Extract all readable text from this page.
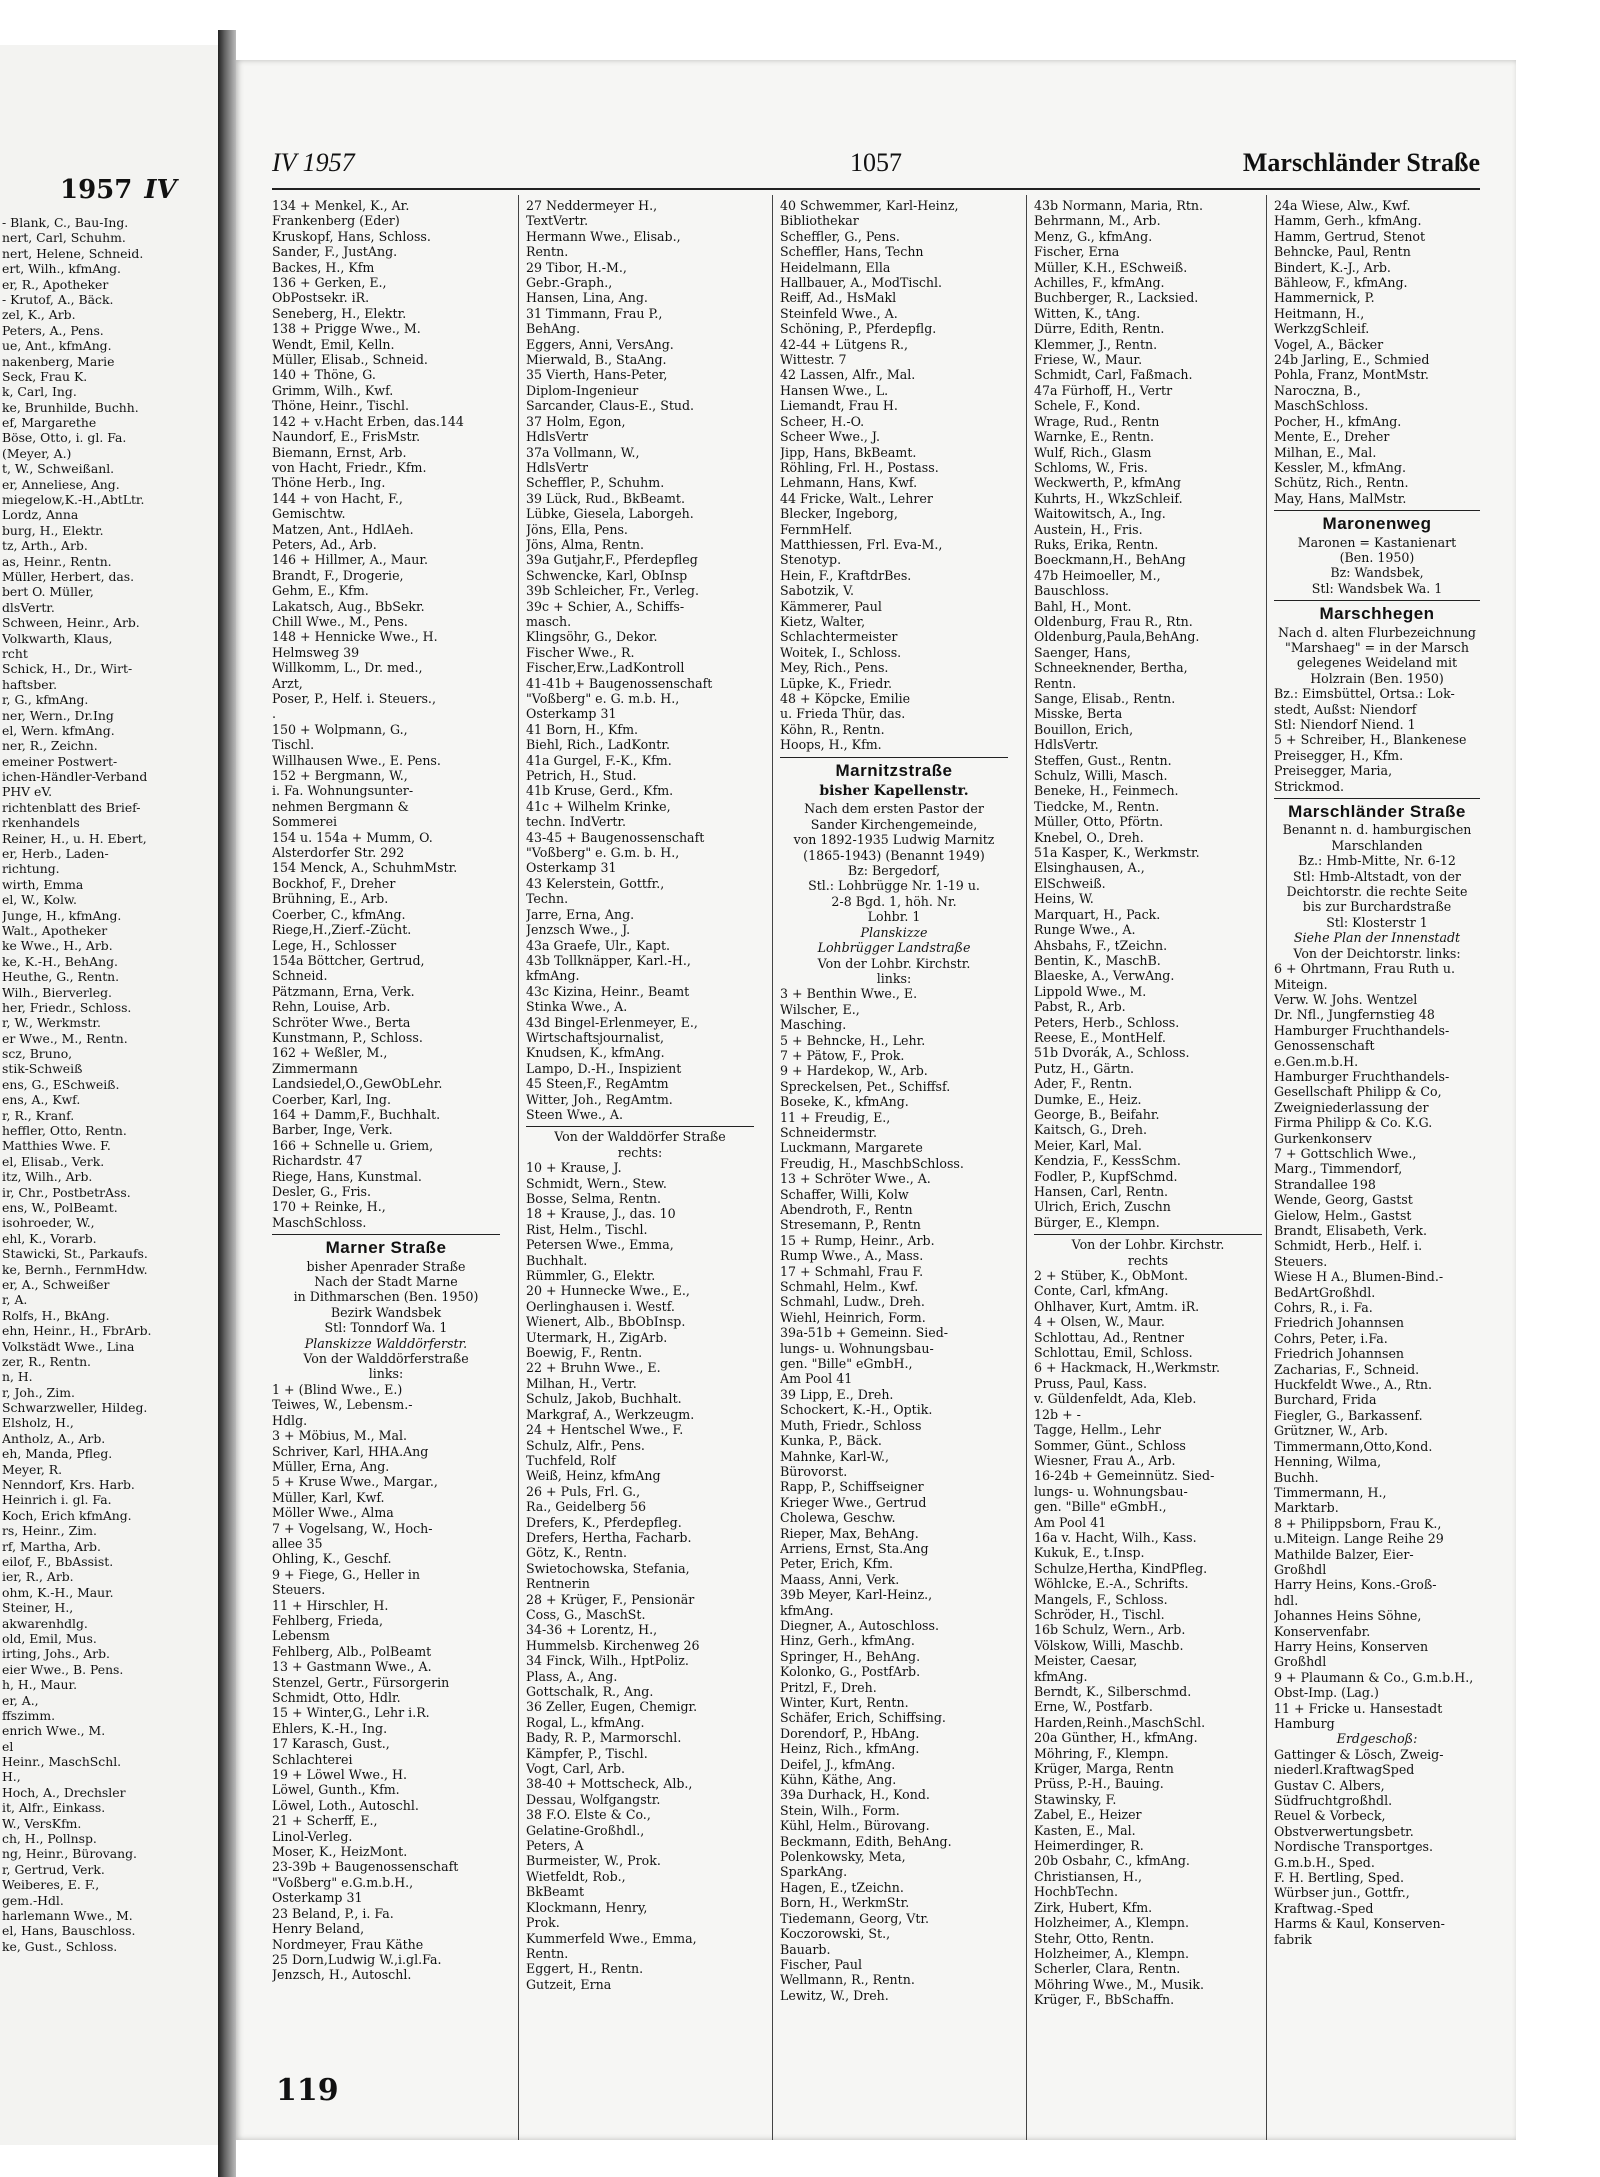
1957 IV
- Blank, C., Bau-Ing.
nert, Carl, Schuhm.
nert, Helene, Schneid.
ert, Wilh., kfmAng.
er, R., Apotheker
- Krutof, A., Bäck.
zel, K., Arb.
Peters, A., Pens.
ue, Ant., kfmAng.
nakenberg, Marie
Seck, Frau K.
k, Carl, Ing.
ke, Brunhilde, Buchh.
ef, Margarethe
Böse, Otto, i. gl. Fa.
(Meyer, A.)
t, W., Schweißanl.
er, Anneliese, Ang.
miegelow,K.-H.,AbtLtr.
Lordz, Anna
burg, H., Elektr.
tz, Arth., Arb.
as, Heinr., Rentn.
Müller, Herbert, das.
bert O. Müller,
dlsVertr.
Schween, Heinr., Arb.
Volkwarth, Klaus,
rcht
Schick, H., Dr., Wirt-
haftsber.
r, G., kfmAng.
ner, Wern., Dr.Ing
el, Wern. kfmAng.
ner, R., Zeichn.
emeiner Postwert-
ichen-Händler-Verband
PHV eV.
richtenblatt des Brief-
rkenhandels
Reiner, H., u. H. Ebert,
er, Herb., Laden-
richtung.
wirth, Emma
el, W., Kolw.
Junge, H., kfmAng.
Walt., Apotheker
ke Wwe., H., Arb.
ke, K.-H., BehAng.
Heuthe, G., Rentn.
Wilh., Bierverleg.
her, Friedr., Schloss.
r, W., Werkmstr.
er Wwe., M., Rentn.
scz, Bruno,
stik-Schweiß
ens, G., ESchweiß.
ens, A., Kwf.
r, R., Kranf.
heffler, Otto, Rentn.
Matthies Wwe. F.
el, Elisab., Verk.
itz, Wilh., Arb.
ir, Chr., PostbetrAss.
ens, W., PolBeamt.
isohroeder, W.,
ehl, K., Vorarb.
Stawicki, St., Parkaufs.
ke, Bernh., FernmHdw.
er, A., Schweißer
r, A.
Rolfs, H., BkAng.
ehn, Heinr., H., FbrArb.
Volkstädt Wwe., Lina
zer, R., Rentn.
n, H.
r, Joh., Zim.
Schwarzweller, Hildeg.
Elsholz, H.,
Antholz, A., Arb.
eh, Manda, Pfleg.
Meyer, R.
Nenndorf, Krs. Harb.
Heinrich i. gl. Fa.
Koch, Erich kfmAng.
rs, Heinr., Zim.
rf, Martha, Arb.
eilof, F., BbAssist.
ier, R., Arb.
ohm, K.-H., Maur.
Steiner, H.,
akwarenhdlg.
old, Emil, Mus.
irting, Johs., Arb.
eier Wwe., B. Pens.
h, H., Maur.
er, A.,
ffszimm.
enrich Wwe., M.
el
Heinr., MaschSchl.
H.,
Hoch, A., Drechsler
it, Alfr., Einkass.
W., VersKfm.
ch, H., Pollnsp.
ng, Heinr., Bürovang.
r, Gertrud, Verk.
Weiberes, E. F.,
gem.-Hdl.
harlemann Wwe., M.
el, Hans, Bauschloss.
ke, Gust., Schloss.
IV 1957	1057	Marschländer Straße
134 + Menkel, K., Ar.
Frankenberg (Eder)
Kruskopf, Hans, Schloss.
Sander, F., JustAng.
Backes, H., Kfm
136 + Gerken, E.,
ObPostsekr. iR.
Seneberg, H., Elektr.
138 + Prigge Wwe., M.
Wendt, Emil, Kelln.
Müller, Elisab., Schneid.
140 + Thöne, G.
Grimm, Wilh., Kwf.
Thöne, Heinr., Tischl.
142 + v.Hacht Erben, das.144
Naundorf, E., FrisMstr.
Biemann, Ernst, Arb.
von Hacht, Friedr., Kfm.
Thöne Herb., Ing.
144 + von Hacht, F.,
Gemischtw.
Matzen, Ant., HdlAeh.
Peters, Ad., Arb.
146 + Hillmer, A., Maur.
Brandt, F., Drogerie,
Gehm, E., Kfm.
Lakatsch, Aug., BbSekr.
Chill Wwe., M., Pens.
148 + Hennicke Wwe., H.
Helmsweg 39
Willkomm, L., Dr. med.,
Arzt,
Poser, P., Helf. i. Steuers.,
.
150 + Wolpmann, G.,
Tischl.
Willhausen Wwe., E. Pens.
152 + Bergmann, W.,
i. Fa. Wohnungsunter-
nehmen Bergmann &
Sommerei
154 u. 154a + Mumm, O.
Alsterdorfer Str. 292
154 Menck, A., SchuhmMstr.
Bockhof, F., Dreher
Brühning, E., Arb.
Coerber, C., kfmAng.
Riege,H.,Zierf.-Zücht.
Lege, H., Schlosser
154a Böttcher, Gertrud,
Schneid.
Pätzmann, Erna, Verk.
Rehn, Louise, Arb.
Schröter Wwe., Berta
Kunstmann, P., Schloss.
162 + Weßler, M.,
Zimmermann
Landsiedel,O.,GewObLehr.
Coerber, Karl, Ing.
164 + Damm,F., Buchhalt.
Barber, Inge, Verk.
166 + Schnelle u. Griem,
Richardstr. 47
Riege, Hans, Kunstmal.
Desler, G., Fris.
170 + Reinke, H.,
MaschSchloss.
Marner Straße
bisher Apenrader Straße
Nach der Stadt Marne
in Dithmarschen (Ben. 1950)
Bezirk Wandsbek
Stl: Tonndorf Wa. 1
Planskizze Walddörferstr.
Von der Walddörferstraße
links:
1 + (Blind Wwe., E.)
Teiwes, W., Lebensm.-
Hdlg.
3 + Möbius, M., Mal.
Schriver, Karl, HHA.Ang
Müller, Erna, Ang.
5 + Kruse Wwe., Margar.,
Müller, Karl, Kwf.
Möller Wwe., Alma
7 + Vogelsang, W., Hoch-
allee 35
Ohling, K., Geschf.
9 + Fiege, G., Heller in
Steuers.
11 + Hirschler, H.
Fehlberg, Frieda,
Lebensm
Fehlberg, Alb., PolBeamt
13 + Gastmann Wwe., A.
Stenzel, Gertr., Fürsorgerin
Schmidt, Otto, Hdlr.
15 + Winter,G., Lehr i.R.
Ehlers, K.-H., Ing.
17 Karasch, Gust.,
Schlachterei
19 + Löwel Wwe., H.
Löwel, Gunth., Kfm.
Löwel, Loth., Autoschl.
21 + Scherff, E.,
Linol-Verleg.
Moser, K., HeizMont.
23-39b + Baugenossenschaft
"Voßberg" e.G.m.b.H.,
Osterkamp 31
23 Beland, P., i. Fa.
Henry Beland,
Nordmeyer, Frau Käthe
25 Dorn,Ludwig W.,i.gl.Fa.
Jenzsch, H., Autoschl.
27 Neddermeyer H.,
TextVertr.
Hermann Wwe., Elisab.,
Rentn.
29 Tibor, H.-M.,
Gebr.-Graph.,
Hansen, Lina, Ang.
31 Timmann, Frau P.,
BehAng.
Eggers, Anni, VersAng.
Mierwald, B., StaAng.
35 Vierth, Hans-Peter,
Diplom-Ingenieur
Sarcander, Claus-E., Stud.
37 Holm, Egon,
HdlsVertr
37a Vollmann, W.,
HdlsVertr
Scheffler, P., Schuhm.
39 Lück, Rud., BkBeamt.
Lübke, Giesela, Laborgeh.
Jöns, Ella, Pens.
Jöns, Alma, Rentn.
39a Gutjahr,F., Pferdepfleg
Schwencke, Karl, ObInsp
39b Schleicher, Fr., Verleg.
39c + Schier, A., Schiffs-
masch.
Klingsöhr, G., Dekor.
Fischer Wwe., R.
Fischer,Erw.,LadKontroll
41-41b + Baugenossenschaft
"Voßberg" e. G. m.b. H.,
Osterkamp 31
41 Born, H., Kfm.
Biehl, Rich., LadKontr.
41a Gurgel, F.-K., Kfm.
Petrich, H., Stud.
41b Kruse, Gerd., Kfm.
41c + Wilhelm Krinke,
techn. IndVertr.
43-45 + Baugenossenschaft
"Voßberg" e. G.m. b. H.,
Osterkamp 31
43 Kelerstein, Gottfr.,
Techn.
Jarre, Erna, Ang.
Jenzsch Wwe., J.
43a Graefe, Ulr., Kapt.
43b Tollknäpper, Karl.-H.,
kfmAng.
43c Kizina, Heinr., Beamt
Stinka Wwe., A.
43d Bingel-Erlenmeyer, E.,
Wirtschaftsjournalist,
Knudsen, K., kfmAng.
Lampo, D.-H., Inspizient
45 Steen,F., RegAmtm
Witter, Joh., RegAmtm.
Steen Wwe., A.
Von der Walddörfer Straße
rechts:
10 + Krause, J.
Schmidt, Wern., Stew.
Bosse, Selma, Rentn.
18 + Krause, J., das. 10
Rist, Helm., Tischl.
Petersen Wwe., Emma,
Buchhalt.
Rümmler, G., Elektr.
20 + Hunnecke Wwe., E.,
Oerlinghausen i. Westf.
Wienert, Alb., BbObInsp.
Utermark, H., ZigArb.
Boewig, F., Rentn.
22 + Bruhn Wwe., E.
Milhan, H., Vertr.
Schulz, Jakob, Buchhalt.
Markgraf, A., Werkzeugm.
24 + Hentschel Wwe., F.
Schulz, Alfr., Pens.
Tuchfeld, Rolf
Weiß, Heinz, kfmAng
26 + Puls, Frl. G.,
Ra., Geidelberg 56
Drefers, K., Pferdepfleg.
Drefers, Hertha, Facharb.
Götz, K., Rentn.
Swietochowska, Stefania,
Rentnerin
28 + Krüger, F., Pensionär
Coss, G., MaschSt.
34-36 + Lorentz, H.,
Hummelsb. Kirchenweg 26
34 Finck, Wilh., HptPoliz.
Plass, A., Ang.
Gottschalk, R., Ang.
36 Zeller, Eugen, Chemigr.
Rogal, L., kfmAng.
Bady, R. P., Marmorschl.
Kämpfer, P., Tischl.
Vogt, Carl, Arb.
38-40 + Mottscheck, Alb.,
Dessau, Wolfgangstr.
38 F.O. Elste & Co.,
Gelatine-Großhdl.,
Peters, A
Burmeister, W., Prok.
Wietfeldt, Rob.,
BkBeamt
Klockmann, Henry,
Prok.
Kummerfeld Wwe., Emma,
Rentn.
Eggert, H., Rentn.
Gutzeit, Erna
40 Schwemmer, Karl-Heinz,
Bibliothekar
Scheffler, G., Pens.
Scheffler, Hans, Techn
Heidelmann, Ella
Hallbauer, A., ModTischl.
Reiff, Ad., HsMakl
Steinfeld Wwe., A.
Schöning, P., Pferdepflg.
42-44 + Lütgens R.,
Wittestr. 7
42 Lassen, Alfr., Mal.
Hansen Wwe., L.
Liemandt, Frau H.
Scheer, H.-O.
Scheer Wwe., J.
Jipp, Hans, BkBeamt.
Röhling, Frl. H., Postass.
Lehmann, Hans, Kwf.
44 Fricke, Walt., Lehrer
Blecker, Ingeborg,
FernmHelf.
Matthiessen, Frl. Eva-M.,
Stenotyp.
Hein, F., KraftdrBes.
Sabotzik, V.
Kämmerer, Paul
Kietz, Walter,
Schlachtermeister
Woitek, I., Schloss.
Mey, Rich., Pens.
Lüpke, K., Friedr.
48 + Köpcke, Emilie
u. Frieda Thür, das.
Köhn, R., Rentn.
Hoops, H., Kfm.
Marnitzstraße
bisher Kapellenstr.
Nach dem ersten Pastor der
Sander Kirchengemeinde,
von 1892-1935 Ludwig Marnitz
(1865-1943) (Benannt 1949)
Bz: Bergedorf,
Stl.: Lohbrügge Nr. 1-19 u.
2-8 Bgd. 1, höh. Nr.
Lohbr. 1
Planskizze
Lohbrügger Landstraße
Von der Lohbr. Kirchstr.
links:
3 + Benthin Wwe., E.
Wilscher, E.,
Masching.
5 + Behncke, H., Lehr.
7 + Pätow, F., Prok.
9 + Hardekop, W., Arb.
Spreckelsen, Pet., Schiffsf.
Boseke, K., kfmAng.
11 + Freudig, E.,
Schneidermstr.
Luckmann, Margarete
Freudig, H., MaschbSchloss.
13 + Schröter Wwe., A.
Schaffer, Willi, Kolw
Abendroth, F., Rentn
Stresemann, P., Rentn
15 + Rump, Heinr., Arb.
Rump Wwe., A., Mass.
17 + Schmahl, Frau F.
Schmahl, Helm., Kwf.
Schmahl, Ludw., Dreh.
Wiehl, Heinrich, Form.
39a-51b + Gemeinn. Sied-
lungs- u. Wohnungsbau-
gen. "Bille" eGmbH.,
Am Pool 41
39 Lipp, E., Dreh.
Schockert, K.-H., Optik.
Muth, Friedr., Schloss
Kunka, P., Bäck.
Mahnke, Karl-W.,
Bürovorst.
Rapp, P., Schiffseigner
Krieger Wwe., Gertrud
Cholewa, Geschw.
Rieper, Max, BehAng.
Arriens, Ernst, Sta.Ang
Peter, Erich, Kfm.
Maass, Anni, Verk.
39b Meyer, Karl-Heinz.,
kfmAng.
Diegner, A., Autoschloss.
Hinz, Gerh., kfmAng.
Springer, H., BehAng.
Kolonko, G., PostfArb.
Pritzl, F., Dreh.
Winter, Kurt, Rentn.
Schäfer, Erich, Schiffsing.
Dorendorf, P., HbAng.
Heinz, Rich., kfmAng.
Deifel, J., kfmAng.
Kühn, Käthe, Ang.
39a Durhack, H., Kond.
Stein, Wilh., Form.
Kühl, Helm., Bürovang.
Beckmann, Edith, BehAng.
Polenkowsky, Meta,
SparkAng.
Hagen, E., tZeichn.
Born, H., WerkmStr.
Tiedemann, Georg, Vtr.
Koczorowski, St.,
Bauarb.
Fischer, Paul
Wellmann, R., Rentn.
Lewitz, W., Dreh.
43b Normann, Maria, Rtn.
Behrmann, M., Arb.
Menz, G., kfmAng.
Fischer, Erna
Müller, K.H., ESchweiß.
Achilles, F., kfmAng.
Buchberger, R., Lacksied.
Witten, K., tAng.
Dürre, Edith, Rentn.
Klemmer, J., Rentn.
Friese, W., Maur.
Schmidt, Carl, Faßmach.
47a Fürhoff, H., Vertr
Schele, F., Kond.
Wrage, Rud., Rentn
Warnke, E., Rentn.
Wulf, Rich., Glasm
Schloms, W., Fris.
Weckwerth, P., kfmAng
Kuhrts, H., WkzSchleif.
Waitowitsch, A., Ing.
Austein, H., Fris.
Ruks, Erika, Rentn.
Boeckmann,H., BehAng
47b Heimoeller, M.,
Bauschloss.
Bahl, H., Mont.
Oldenburg, Frau R., Rtn.
Oldenburg,Paula,BehAng.
Saenger, Hans,
Schneeknender, Bertha,
Rentn.
Sange, Elisab., Rentn.
Misske, Berta
Bouillon, Erich,
HdlsVertr.
Steffen, Gust., Rentn.
Schulz, Willi, Masch.
Beneke, H., Feinmech.
Tiedcke, M., Rentn.
Müller, Otto, Pförtn.
Knebel, O., Dreh.
51a Kasper, K., Werkmstr.
Elsinghausen, A.,
ElSchweiß.
Heins, W.
Marquart, H., Pack.
Runge Wwe., A.
Ahsbahs, F., tZeichn.
Bentin, K., MaschB.
Blaeske, A., VerwAng.
Lippold Wwe., M.
Pabst, R., Arb.
Peters, Herb., Schloss.
Reese, E., MontHelf.
51b Dvorák, A., Schloss.
Putz, H., Gärtn.
Ader, F., Rentn.
Dumke, E., Heiz.
George, B., Beifahr.
Kaitsch, G., Dreh.
Meier, Karl, Mal.
Kendzia, F., KessSchm.
Fodler, P., KupfSchmd.
Hansen, Carl, Rentn.
Ulrich, Erich, Zuschn
Bürger, E., Klempn.
Von der Lohbr. Kirchstr.
rechts
2 + Stüber, K., ObMont.
Conte, Carl, kfmAng.
Ohlhaver, Kurt, Amtm. iR.
4 + Olsen, W., Maur.
Schlottau, Ad., Rentner
Schlottau, Emil, Schloss.
6 + Hackmack, H.,Werkmstr.
Pruss, Paul, Kass.
v. Güldenfeldt, Ada, Kleb.
12b + -
Tagge, Hellm., Lehr
Sommer, Günt., Schloss
Wiesner, Frau A., Arb.
16-24b + Gemeinnütz. Sied-
lungs- u. Wohnungsbau-
gen. "Bille" eGmbH.,
Am Pool 41
16a v. Hacht, Wilh., Kass.
Kukuk, E., t.Insp.
Schulze,Hertha, KindPfleg.
Wöhlcke, E.-A., Schrifts.
Mangels, F., Schloss.
Schröder, H., Tischl.
16b Schulz, Wern., Arb.
Völskow, Willi, Maschb.
Meister, Caesar,
kfmAng.
Berndt, K., Silberschmd.
Erne, W., Postfarb.
Harden,Reinh.,MaschSchl.
20a Günther, H., kfmAng.
Möhring, F., Klempn.
Krüger, Marga, Rentn
Prüss, P.-H., Bauing.
Stawinsky, F.
Zabel, E., Heizer
Kasten, E., Mal.
Heimerdinger, R.
20b Osbahr, C., kfmAng.
Christiansen, H.,
HochbTechn.
Zirk, Hubert, Kfm.
Holzheimer, A., Klempn.
Stehr, Otto, Rentn.
Holzheimer, A., Klempn.
Scherler, Clara, Rentn.
Möhring Wwe., M., Musik.
Krüger, F., BbSchaffn.
24a Wiese, Alw., Kwf.
Hamm, Gerh., kfmAng.
Hamm, Gertrud, Stenot
Behncke, Paul, Rentn
Bindert, K.-J., Arb.
Bähleow, F., kfmAng.
Hammernick, P.
Heitmann, H.,
WerkzgSchleif.
Vogel, A., Bäcker
24b Jarling, E., Schmied
Pohla, Franz, MontMstr.
Naroczna, B.,
MaschSchloss.
Pocher, H., kfmAng.
Mente, E., Dreher
Milhan, E., Mal.
Kessler, M., kfmAng.
Schütz, Rich., Rentn.
May, Hans, MalMstr.
Maronenweg
Maronen = Kastanienart
(Ben. 1950)
Bz: Wandsbek,
Stl: Wandsbek Wa. 1
Marschhegen
Nach d. alten Flurbezeichnung
"Marshaeg" = in der Marsch
gelegenes Weideland mit
Holzrain (Ben. 1950)
Bz.: Eimsbüttel, Ortsa.: Lok-
stedt, Außst: Niendorf
Stl: Niendorf Niend. 1
5 + Schreiber, H., Blankenese
Preisegger, H., Kfm.
Preisegger, Maria,
Strickmod.
Marschländer Straße
Benannt n. d. hamburgischen
Marschlanden
Bz.: Hmb-Mitte, Nr. 6-12
Stl: Hmb-Altstadt, von der
Deichtorstr. die rechte Seite
bis zur Burchardstraße
Stl: Klosterstr 1
Siehe Plan der Innenstadt
Von der Deichtorstr. links:
6 + Ohrtmann, Frau Ruth u.
Miteign.
Verw. W. Johs. Wentzel
Dr. Nfl., Jungfernstieg 48
Hamburger Fruchthandels-
Genossenschaft
e.Gen.m.b.H.
Hamburger Fruchthandels-
Gesellschaft Philipp & Co,
Zweigniederlassung der
Firma Philipp & Co. K.G.
Gurkenkonserv
7 + Gottschlich Wwe.,
Marg., Timmendorf,
Strandallee 198
Wende, Georg, Gastst
Gielow, Helm., Gastst
Brandt, Elisabeth, Verk.
Schmidt, Herb., Helf. i.
Steuers.
Wiese H A., Blumen-Bind.-
BedArtGroßhdl.
Cohrs, R., i. Fa.
Friedrich Johannsen
Cohrs, Peter, i.Fa.
Friedrich Johannsen
Zacharias, F., Schneid.
Huckfeldt Wwe., A., Rtn.
Burchard, Frida
Fiegler, G., Barkassenf.
Grützner, W., Arb.
Timmermann,Otto,Kond.
Henning, Wilma,
Buchh.
Timmermann, H.,
Marktarb.
8 + Philippsborn, Frau K.,
u.Miteign. Lange Reihe 29
Mathilde Balzer, Eier-
Großhdl
Harry Heins, Kons.-Groß-
hdl.
Johannes Heins Söhne,
Konservenfabr.
Harry Heins, Konserven
Großhdl
9 + Plaumann & Co., G.m.b.H.,
Obst-Imp. (Lag.)
11 + Fricke u. Hansestadt
Hamburg
Erdgeschoß:
Gattinger & Lösch, Zweig-
niederl.KraftwagSped
Gustav C. Albers,
Südfruchtgroßhdl.
Reuel & Vorbeck,
Obstverwertungsbetr.
Nordische Transportges.
G.m.b.H., Sped.
F. H. Bertling, Sped.
Würbser jun., Gottfr.,
Kraftwag.-Sped
Harms & Kaul, Konserven-
fabrik
119
